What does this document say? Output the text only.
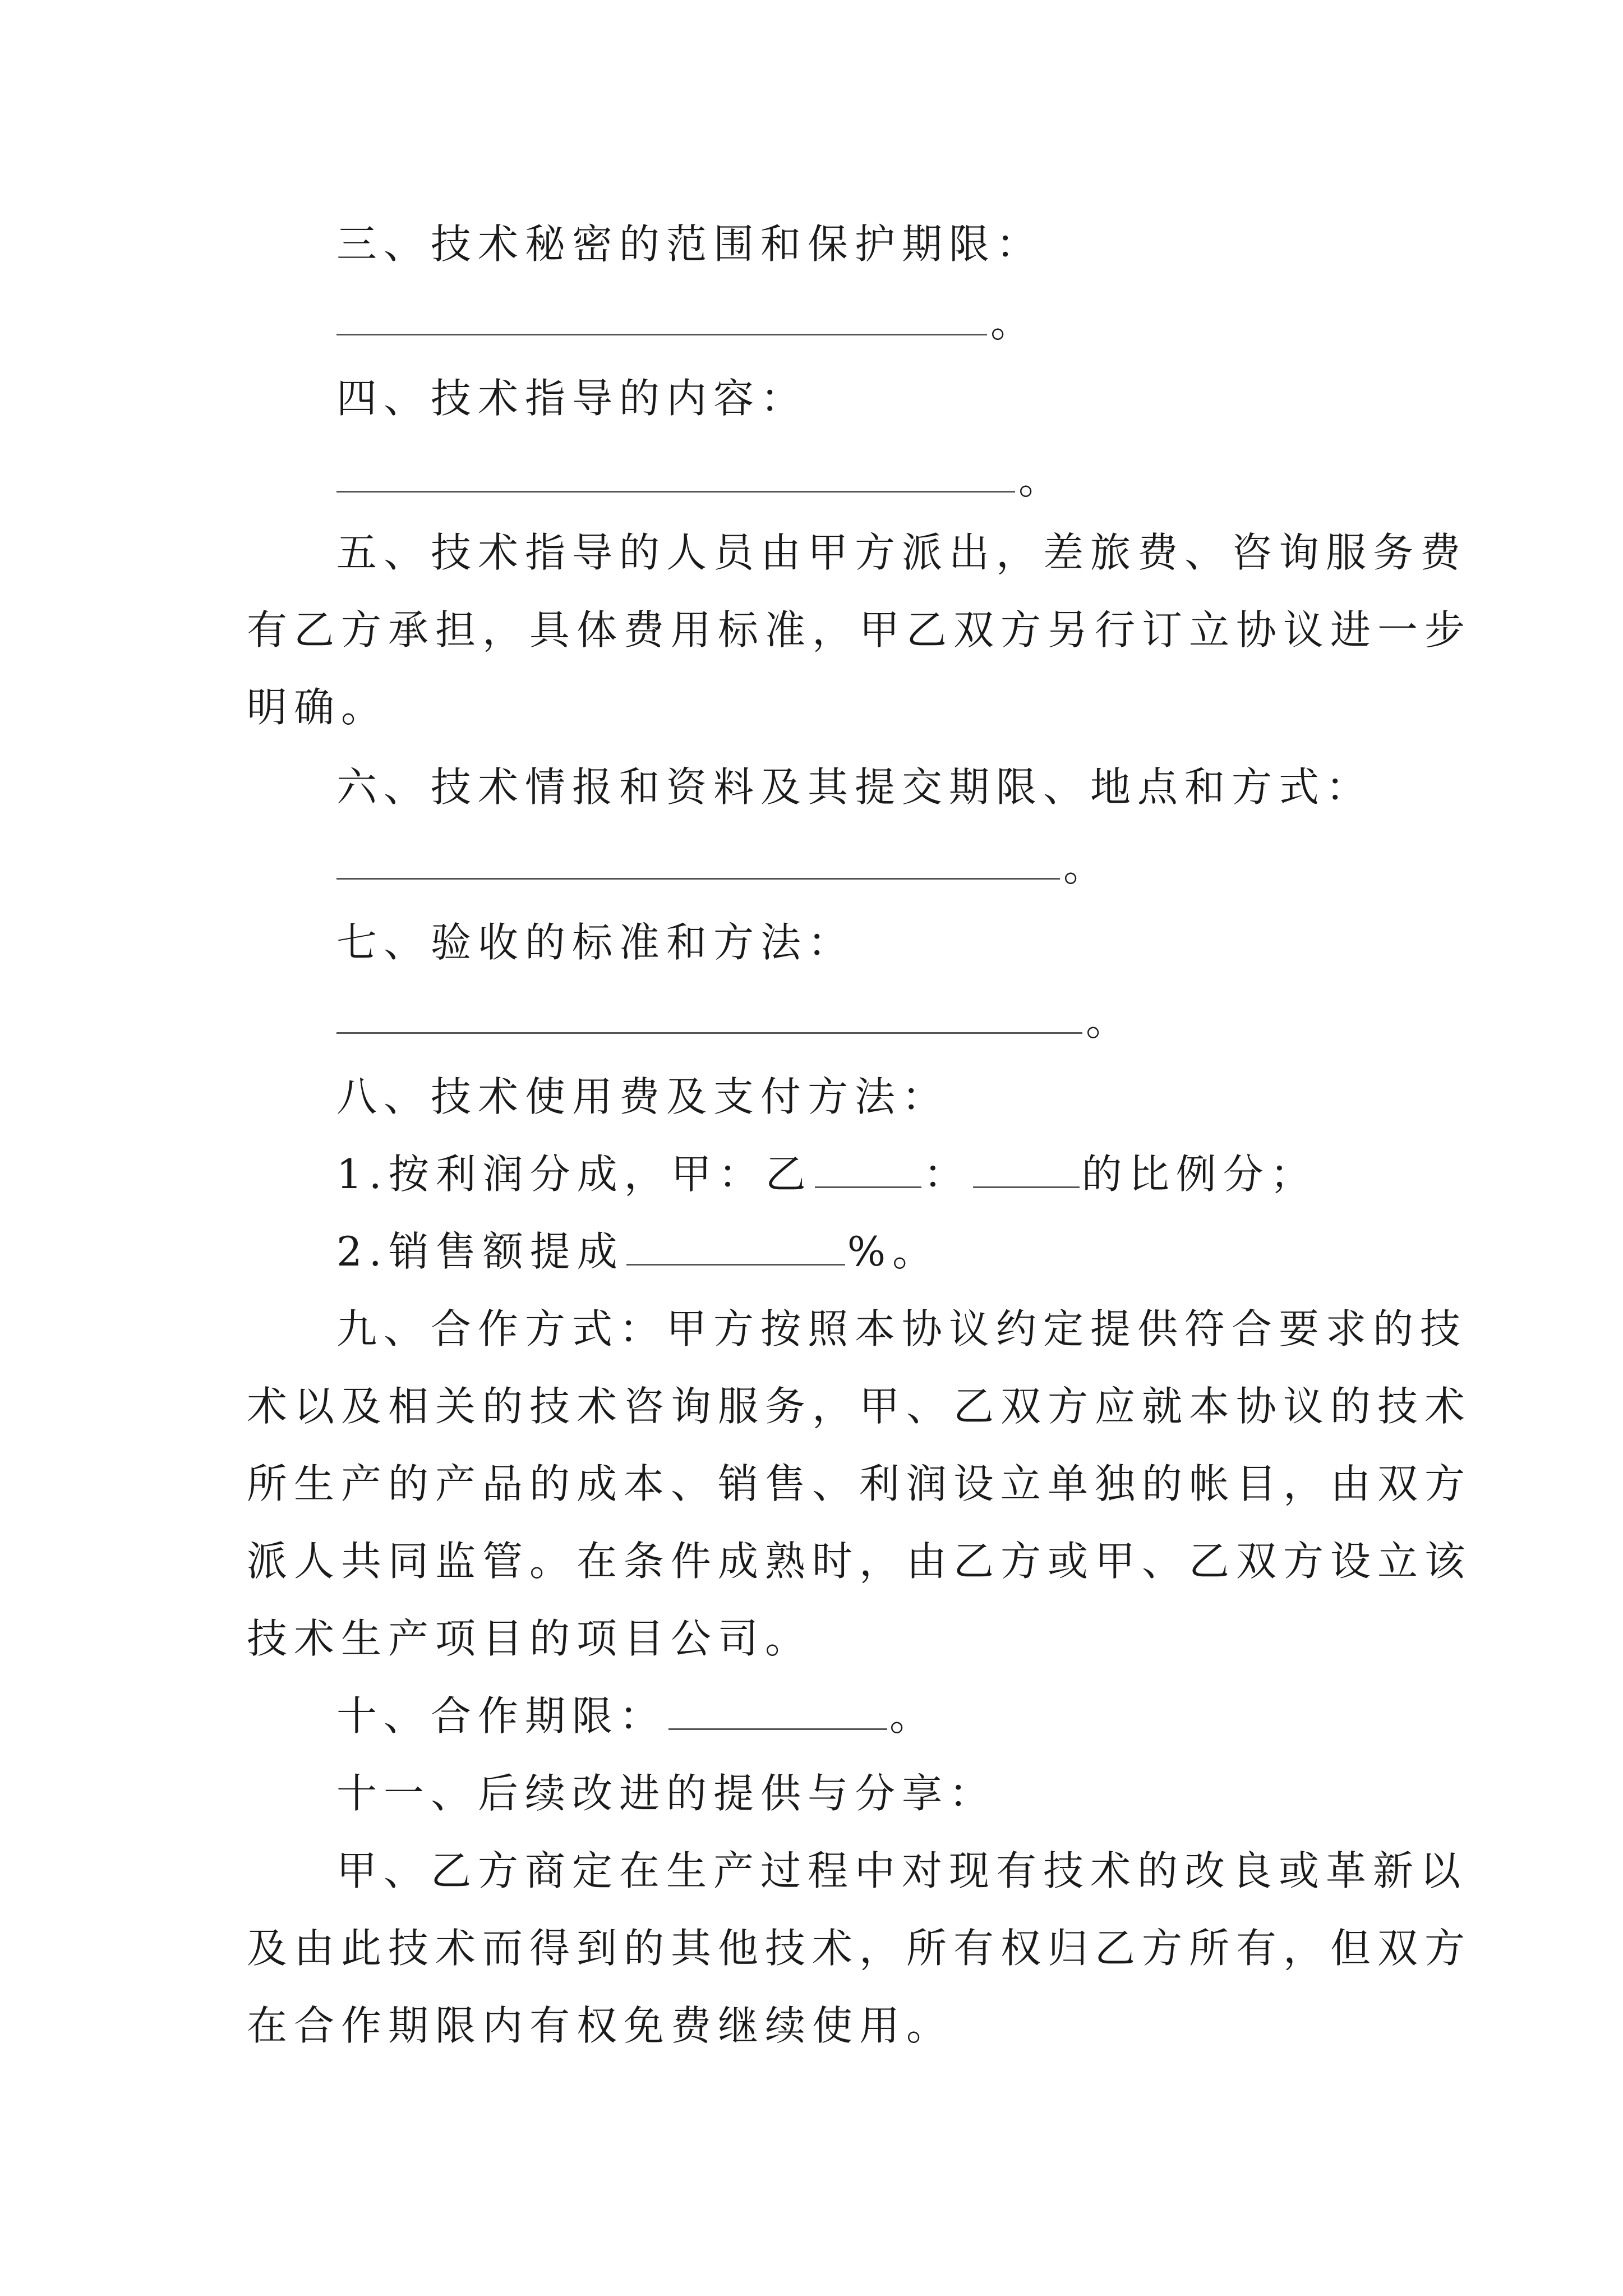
三、技术秘密的范围和保护期限：
。
四、技术指导的内容：
。
五、技术指导的人员由甲方派出，差旅费、咨询服务费
有乙方承担，具体费用标准，甲乙双方另行订立协议进一步
明确。
六、技术情报和资料及其提交期限、地点和方式：
。
七、验收的标准和方法：
。
八、技术使用费及支付方法：
1.按利润分成，甲：乙	：	的比例分；
2.销售额提成	%。
九、合作方式：甲方按照本协议约定提供符合要求的技
术以及相关的技术咨询服务，甲、乙双方应就本协议的技术
所生产的产品的成本、销售、利润设立单独的帐目，由双方
派人共同监管。在条件成熟时，由乙方或甲、乙双方设立该
技术生产项目的项目公司。
十、合作期限：	。
十一、后续改进的提供与分享：
甲、乙方商定在生产过程中对现有技术的改良或革新以
及由此技术而得到的其他技术，所有权归乙方所有，但双方
在合作期限内有权免费继续使用。
